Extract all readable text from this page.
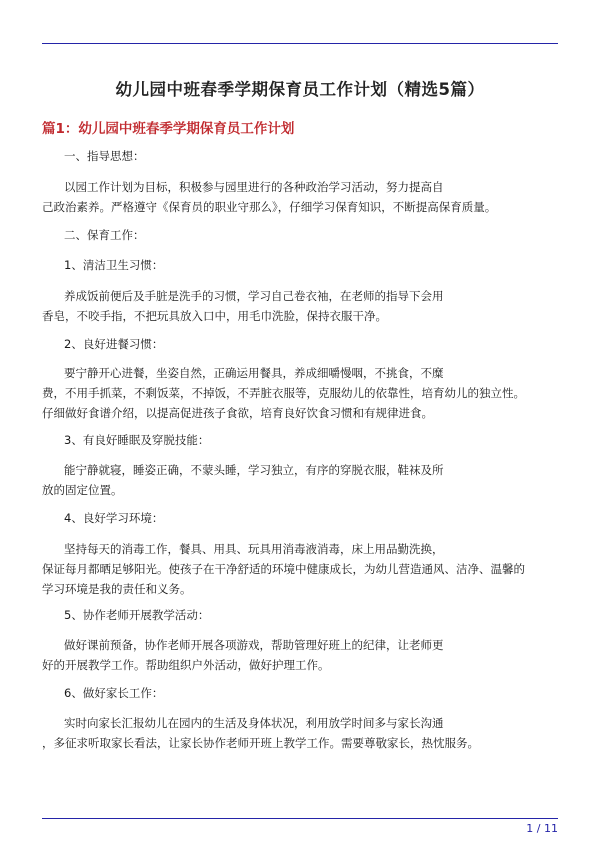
幼儿园中班春季学期保育员工作计划（精选5篇）
篇1：幼儿园中班春季学期保育员工作计划
一、指导思想：
以园工作计划为目标，积极参与园里进行的各种政治学习活动，努力提高自
己政治素养。严格遵守《保育员的职业守那么》，仔细学习保育知识，不断提高保育质量。
二、保育工作：
1、清洁卫生习惯：
养成饭前便后及手脏是洗手的习惯，学习自己卷衣袖，在老师的指导下会用
香皂，不咬手指，不把玩具放入口中，用毛巾洗脸，保持衣服干净。
2、良好进餐习惯：
要宁静开心进餐，坐姿自然，正确运用餐具，养成细嚼慢咽，不挑食，不糜
费，不用手抓菜，不剩饭菜，不掉饭，不弄脏衣服等，克服幼儿的依靠性，培育幼儿的独立性。
仔细做好食谱介绍，以提高促进孩子食欲，培育良好饮食习惯和有规律进食。
3、有良好睡眠及穿脱技能：
能宁静就寝，睡姿正确，不蒙头睡，学习独立，有序的穿脱衣服，鞋袜及所
放的固定位置。
4、良好学习环境：
坚持每天的消毒工作，餐具、用具、玩具用消毒液消毒，床上用品勤洗换，
保证每月都晒足够阳光。使孩子在干净舒适的环境中健康成长，为幼儿营造通风、洁净、温馨的
学习环境是我的责任和义务。
5、协作老师开展教学活动：
做好课前预备，协作老师开展各项游戏，帮助管理好班上的纪律，让老师更
好的开展教学工作。帮助组织户外活动，做好护理工作。
6、做好家长工作：
实时向家长汇报幼儿在园内的生活及身体状况，利用放学时间多与家长沟通
，多征求听取家长看法，让家长协作老师开班上教学工作。需要尊敬家长，热忱服务。
1 / 11
